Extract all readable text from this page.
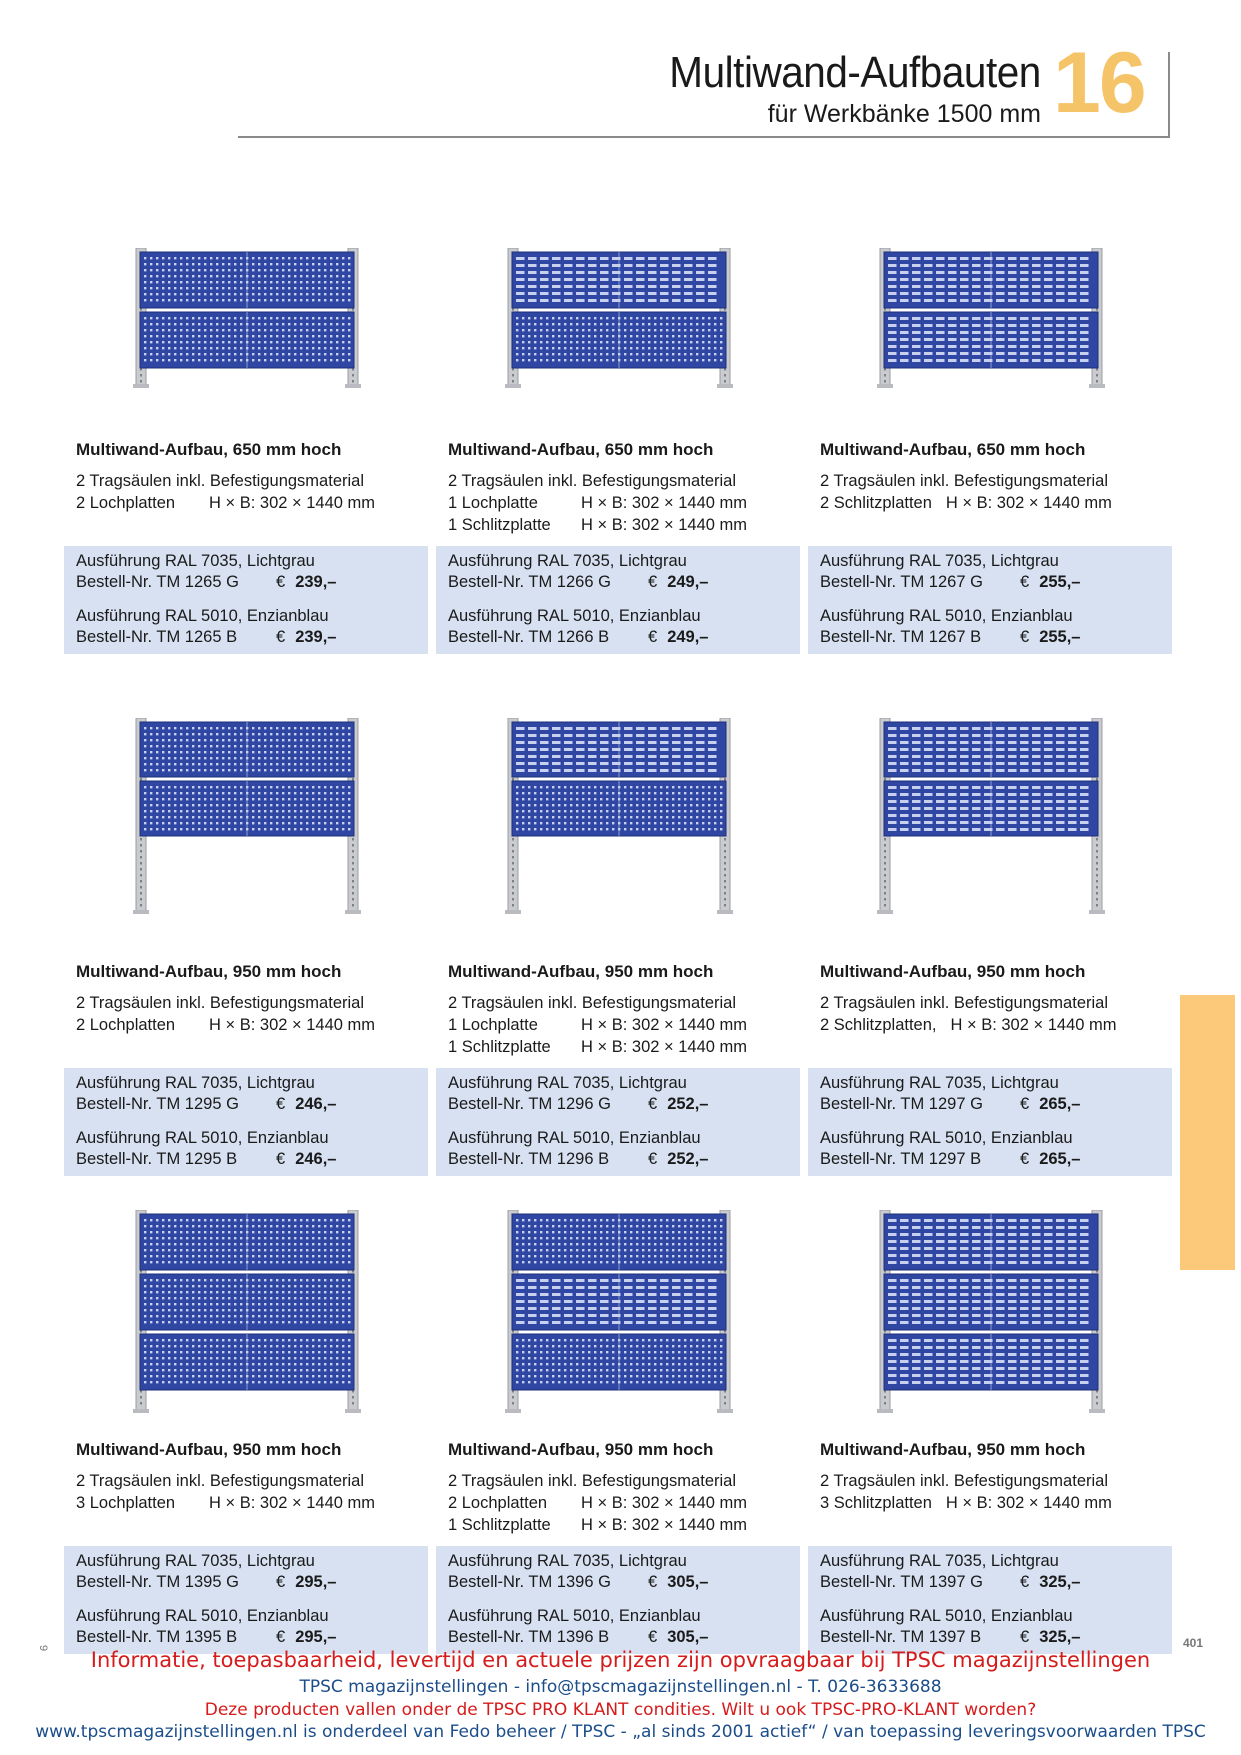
Multiwand-Aufbauten
für Werkbänke 1500 mm 16
Multiwand-Aufbau, 650 mm hoch
2 Tragsäulen inkl. Befestigungsmaterial
2 Lochplatten H × B: 302 × 1440 mm
Ausführung RAL 7035, Lichtgrau
Bestell-Nr. TM 1265 G € 239,–
Ausführung RAL 5010, Enzianblau
Bestell-Nr. TM 1265 B € 239,–
Multiwand-Aufbau, 650 mm hoch
2 Tragsäulen inkl. Befestigungsmaterial
1 Lochplatte	H × B: 302 × 1440 mm
1 Schlitzplatte H × B: 302 × 1440 mm
Ausführung RAL 7035, Lichtgrau
Bestell-Nr. TM 1266 G € 249,–
Ausführung RAL 5010, Enzianblau
Bestell-Nr. TM 1266 B € 249,–
Multiwand-Aufbau, 650 mm hoch
2 Tragsäulen inkl. Befestigungsmaterial
2 Schlitzplatten H × B: 302 × 1440 mm
Ausführung RAL 7035, Lichtgrau
Bestell-Nr. TM 1267 G € 255,–
Ausführung RAL 5010, Enzianblau
Bestell-Nr. TM 1267 B € 255,–
Multiwand-Aufbau, 950 mm hoch
2 Tragsäulen inkl. Befestigungsmaterial
2 Lochplatten H × B: 302 × 1440 mm
Ausführung RAL 7035, Lichtgrau
Bestell-Nr. TM 1295 G € 246,–
Ausführung RAL 5010, Enzianblau
Bestell-Nr. TM 1295 B € 246,–
Multiwand-Aufbau, 950 mm hoch
2 Tragsäulen inkl. Befestigungsmaterial
1 Lochplatte	H × B: 302 × 1440 mm
1 Schlitzplatte H × B: 302 × 1440 mm
Ausführung RAL 7035, Lichtgrau
Bestell-Nr. TM 1296 G € 252,–
Ausführung RAL 5010, Enzianblau
Bestell-Nr. TM 1296 B € 252,–
Multiwand-Aufbau, 950 mm hoch
2 Tragsäulen inkl. Befestigungsmaterial
2 Schlitzplatten, H × B: 302 × 1440 mm
Ausführung RAL 7035, Lichtgrau
Bestell-Nr. TM 1297 G € 265,–
Ausführung RAL 5010, Enzianblau
Bestell-Nr. TM 1297 B € 265,–
Multiwand-Aufbau, 950 mm hoch
2 Tragsäulen inkl. Befestigungsmaterial
3 Lochplatten H × B: 302 × 1440 mm
Ausführung RAL 7035, Lichtgrau
Bestell-Nr. TM 1395 G € 295,–
Ausführung RAL 5010, Enzianblau
Bestell-Nr. TM 1395 B € 295,–
Multiwand-Aufbau, 950 mm hoch
2 Tragsäulen inkl. Befestigungsmaterial
2 Lochplatten H × B: 302 × 1440 mm
1 Schlitzplatte H × B: 302 × 1440 mm
Ausführung RAL 7035, Lichtgrau
Bestell-Nr. TM 1396 G € 305,–
Ausführung RAL 5010, Enzianblau
Bestell-Nr. TM 1396 B € 305,–
Multiwand-Aufbau, 950 mm hoch
2 Tragsäulen inkl. Befestigungsmaterial
3 Schlitzplatten H × B: 302 × 1440 mm
Ausführung RAL 7035, Lichtgrau
Bestell-Nr. TM 1397 G € 325,–
Ausführung RAL 5010, Enzianblau
Bestell-Nr. TM 1397 B € 325,–
9	401
Informatie, toepasbaarheid, levertijd en actuele prijzen zijn opvraagbaar bij TPSC magazijnstellingen
TPSC magazijnstellingen - info@tpscmagazijnstellingen.nl - T. 026-3633688
Deze producten vallen onder de TPSC PRO KLANT condities. Wilt u ook TPSC-PRO-KLANT worden?
www.tpscmagazijnstellingen.nl is onderdeel van Fedo beheer / TPSC - „al sinds 2001 actief“ / van toepassing leveringsvoorwaarden TPSC
